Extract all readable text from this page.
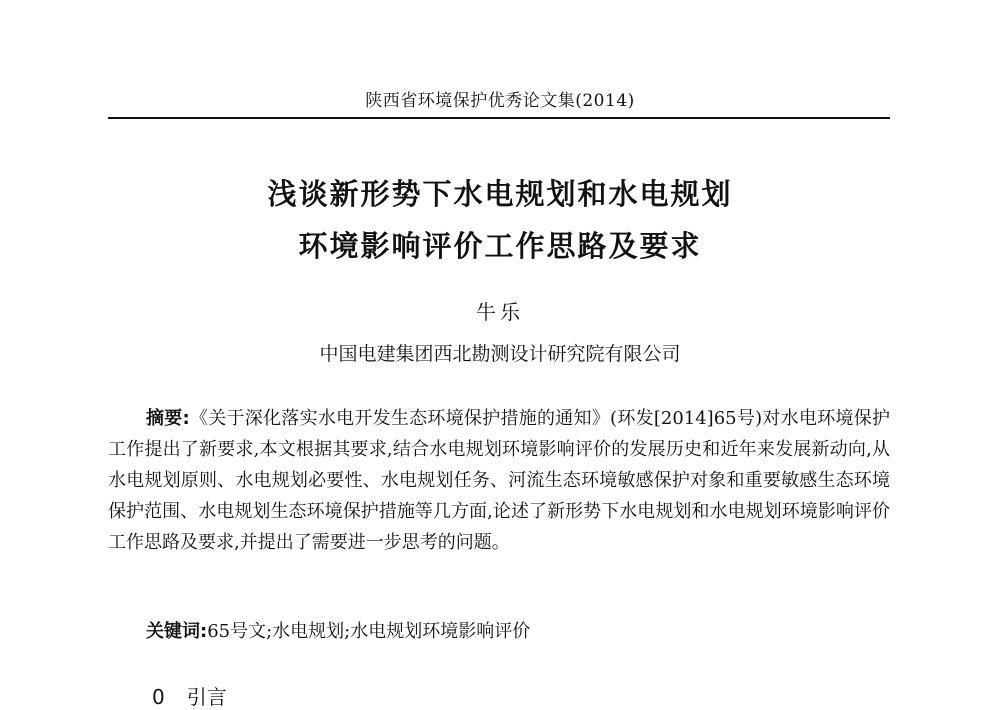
陕西省环境保护优秀论文集(2014)
浅谈新形势下水电规划和水电规划
环境影响评价工作思路及要求
牛乐
中国电建集团西北勘测设计研究院有限公司
摘要:《关于深化落实水电开发生态环境保护措施的通知》(环发[2014]65号)对水电环境保护工作提出了新要求,本文根据其要求,结合水电规划环境影响评价的发展历史和近年来发展新动向,从水电规划原则、水电规划必要性、水电规划任务、河流生态环境敏感保护对象和重要敏感生态环境保护范围、水电规划生态环境保护措施等几方面,论述了新形势下水电规划和水电规划环境影响评价工作思路及要求,并提出了需要进一步思考的问题。
关键词:65号文;水电规划;水电规划环境影响评价
0 引言
